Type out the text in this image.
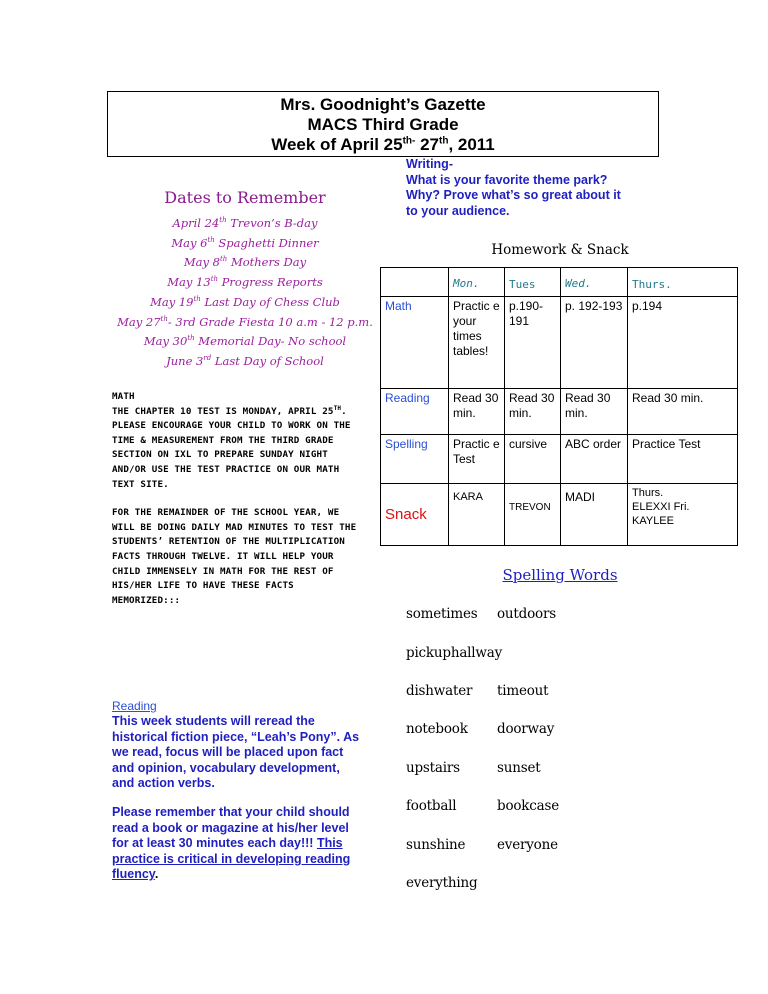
Mrs. Goodnight’s Gazette
MACS Third Grade
Week of April $25^{th-}$ 27th, 2011
Writing-
What is your favorite theme park?
Why? Prove what’s so great about it
to your audience.
Dates to Remember
April 24th Trevon’s B-day
May 6th Spaghetti Dinner
May 8th Mothers Day
May 13th Progress Reports
May 19th Last Day of Chess Club
May 27th- 3rd Grade Fiesta 10 a.m - 12 p.m.
May 30th Memorial Day- No school
June 3rd Last Day of School
MATH

THE CHAPTER 10 TEST IS MONDAY, APRIL 25TH. PLEASE ENCOURAGE YOUR CHILD TO WORK ON THE TIME & MEASUREMENT FROM THE THIRD GRADE SECTION ON IXL TO PREPARE SUNDAY NIGHT AND/OR USE THE TEST PRACTICE ON OUR MATH TEXT SITE.

FOR THE REMAINDER OF THE SCHOOL YEAR, WE WILL BE DOING DAILY MAD MINUTES TO TEST THE STUDENTS’ RETENTION OF THE MULTIPLICATION FACTS THROUGH TWELVE. IT WILL HELP YOUR CHILD IMMENSELY IN MATH FOR THE REST OF HIS/HER LIFE TO HAVE THESE FACTS MEMORIZED:::

Reading

This week students will reread the historical fiction piece, “Leah’s Pony”. As we read, focus will be placed upon fact and opinion, vocabulary development, and action verbs.

Please remember that your child should read a book or magazine at his/her level for at least 30 minutes each day!!! This practice is critical in developing reading fluency.

Homework & Snack
	Mon.	Tues	Wed.	Thurs.
Math	Practic e your times tables!	p.190-191	p. 192-193	p.194
Reading	Read 30 min.	Read 30 min.	Read 30 min.	Read 30 min.
Spelling	Practic e Test	cursive	ABC order	Practice Test
Snack	KARA	TREVON	MADI	Thurs. ELEXXI Fri. KAYLEE
Spelling Words
sometimes outdoors
pickuphallway
dishwater timeout
notebook doorway
upstairs	sunset
football	bookcase
sunshine everyone
everything
